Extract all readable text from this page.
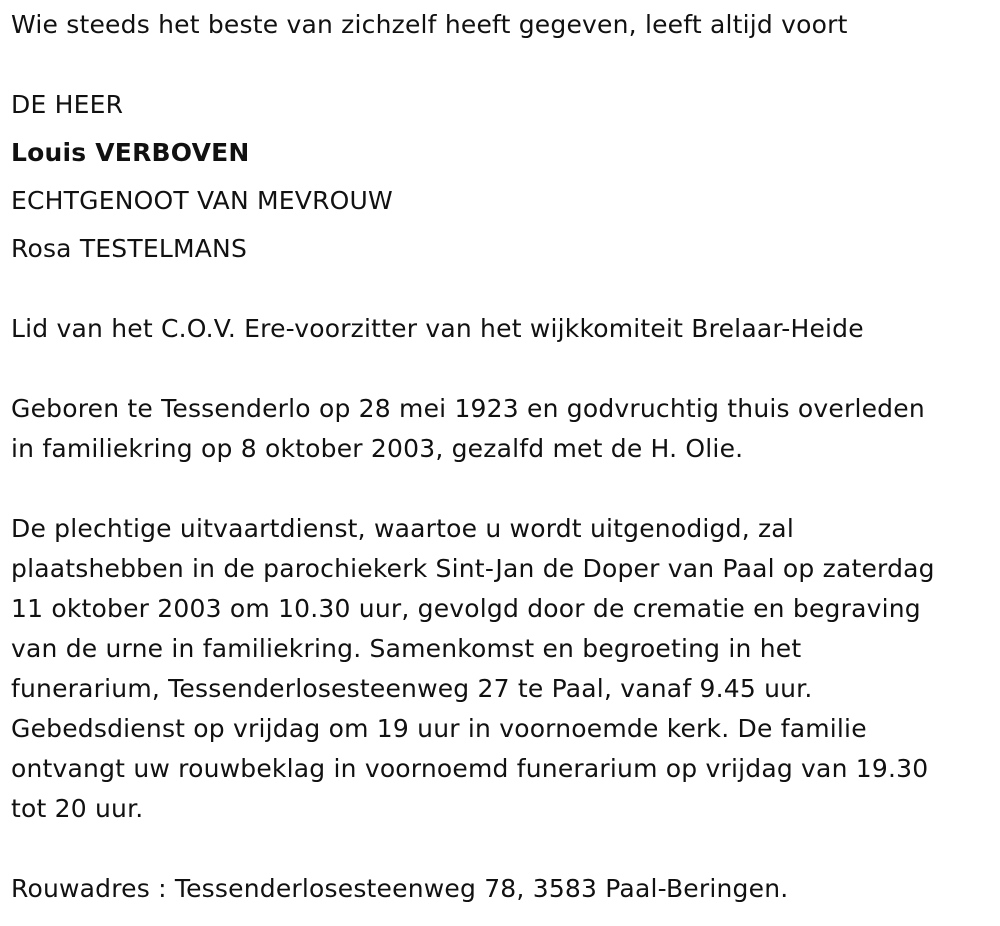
Wie steeds het beste van zichzelf heeft gegeven, leeft altijd voort
DE HEER
Louis VERBOVEN
ECHTGENOOT VAN MEVROUW
Rosa TESTELMANS
Lid van het C.O.V. Ere-voorzitter van het wijkkomiteit Brelaar-Heide
Geboren te Tessenderlo op 28 mei 1923 en godvruchtig thuis overleden
in familiekring op 8 oktober 2003, gezalfd met de H. Olie.
De plechtige uitvaartdienst, waartoe u wordt uitgenodigd, zal
plaatshebben in de parochiekerk Sint-Jan de Doper van Paal op zaterdag
11 oktober 2003 om 10.30 uur, gevolgd door de crematie en begraving
van de urne in familiekring. Samenkomst en begroeting in het
funerarium, Tessenderlosesteenweg 27 te Paal, vanaf 9.45 uur.
Gebedsdienst op vrijdag om 19 uur in voornoemde kerk. De familie
ontvangt uw rouwbeklag in voornoemd funerarium op vrijdag van 19.30
tot 20 uur.
Rouwadres : Tessenderlosesteenweg 78, 3583 Paal-Beringen.
